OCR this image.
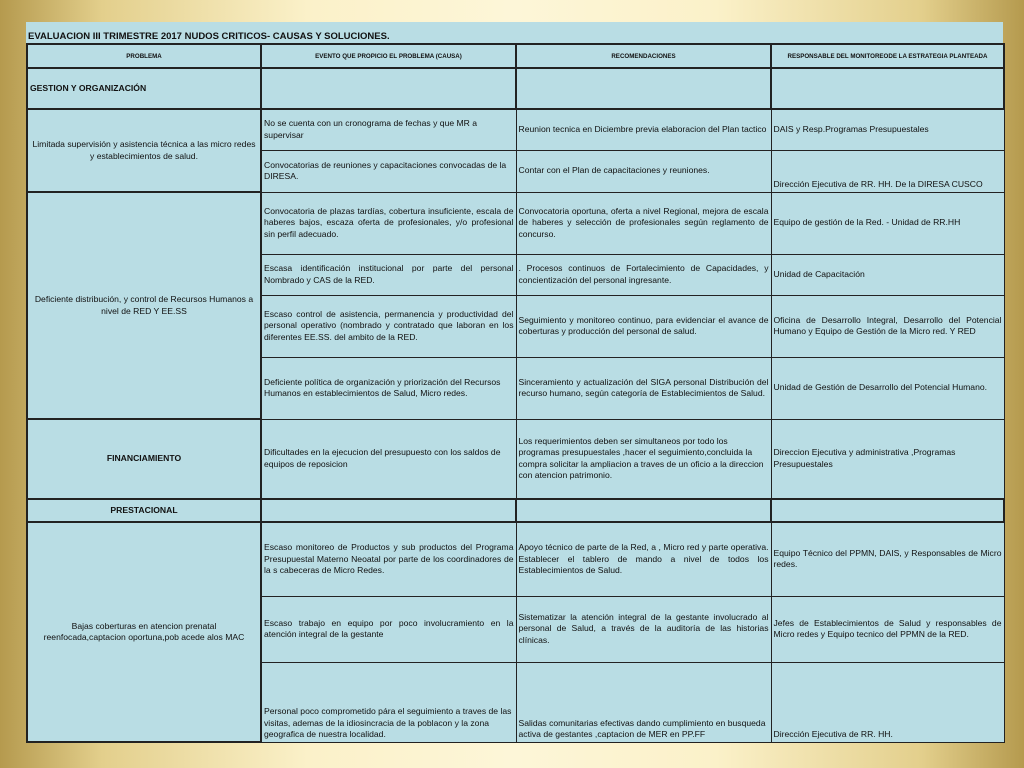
EVALUACION III TRIMESTRE 2017 NUDOS CRITICOS- CAUSAS Y SOLUCIONES.
PROBLEMA	EVENTO QUE PROPICIO EL PROBLEMA (CAUSA)	RECOMENDACIONES	RESPONSABLE DEL MONITOREODE LA ESTRATEGIA PLANTEADA
GESTION Y ORGANIZACIÓN			
Limitada supervisión y asistencia técnica a las micro redes y establecimientos de salud.	No se cuenta con un cronograma de fechas y que MR a supervisar	Reunion tecnica en Diciembre previa elaboracion del Plan tactico	DAIS y Resp.Programas Presupuestales
	Convocatorias de reuniones y capacitaciones convocadas de la DIRESA.	Contar con el Plan de capacitaciones y reuniones.	Dirección Ejecutiva de RR. HH. De la DIRESA CUSCO
Deficiente distribución, y control de Recursos Humanos a nivel de RED Y EE.SS	Convocatoria de plazas tardías, cobertura insuficiente, escala de haberes bajos, escaza oferta de profesionales, y/o profesional sin perfil adecuado.	Convocatoria oportuna, oferta a nivel Regional, mejora de escala de haberes y selección de profesionales según reglamento de concurso.	Equipo de gestión de la Red. - Unidad de RR.HH
	Escasa identificación institucional por parte del personal Nombrado y CAS de la RED.	. Procesos continuos de Fortalecimiento de Capacidades, y concientización del personal ingresante.	Unidad de Capacitación
	Escaso control de asistencia, permanencia y productividad del personal operativo (nombrado y contratado que laboran en los diferentes EE.SS. del ambito de la RED.	Seguimiento y monitoreo continuo, para evidenciar el avance de coberturas y producción del personal de salud.	Oficina de Desarrollo Integral, Desarrollo del Potencial Humano y Equipo de Gestión de la Micro red. Y RED
	Deficiente política de organización y priorización del Recursos Humanos en establecimientos de Salud, Micro redes.	Sinceramiento y actualización del SIGA personal Distribución del recurso humano, según categoría de Establecimientos de Salud.	Unidad de Gestión de Desarrollo del Potencial Humano.
FINANCIAMIENTO	Dificultades en la ejecucion del presupuesto con los saldos de equipos de reposicion	Los requerimientos deben ser simultaneos por todo los programas presupuestales ,hacer el seguimiento,concluida la compra solicitar la ampliacion a traves de un oficio a la direccion con atencion patrimonio.	Direccion Ejecutiva y administrativa ,Programas Presupuestales
PRESTACIONAL			
Bajas coberturas en atencion prenatal reenfocada,captacion oportuna,pob acede alos MAC	Escaso monitoreo de Productos y sub productos del Programa Presupuestal Materno Neoatal por parte de los coordinadores de la s cabeceras de Micro Redes.	Apoyo técnico de parte de la Red, a , Micro red y parte operativa. Establecer el tablero de mando a nivel de todos los Establecimientos de Salud.	Equipo Técnico del PPMN, DAIS, y Responsables de Micro redes.
	Escaso trabajo en equipo por poco involucramiento en la atención integral de la gestante	Sistematizar la atención integral de la gestante involucrado al personal de Salud, a través de la auditoría de las historias clínicas.	Jefes de Establecimientos de Salud y responsables de Micro redes y Equipo tecnico del PPMN de la RED.
	Personal poco comprometido pára el seguimiento a traves de las visitas, ademas de la idiosincracia de la poblacon y la zona geografica de nuestra localidad.	Salidas comunitarias efectivas dando cumplimiento en busqueda activa de gestantes ,captacion de MER en PP.FF	Dirección Ejecutiva de RR. HH.
